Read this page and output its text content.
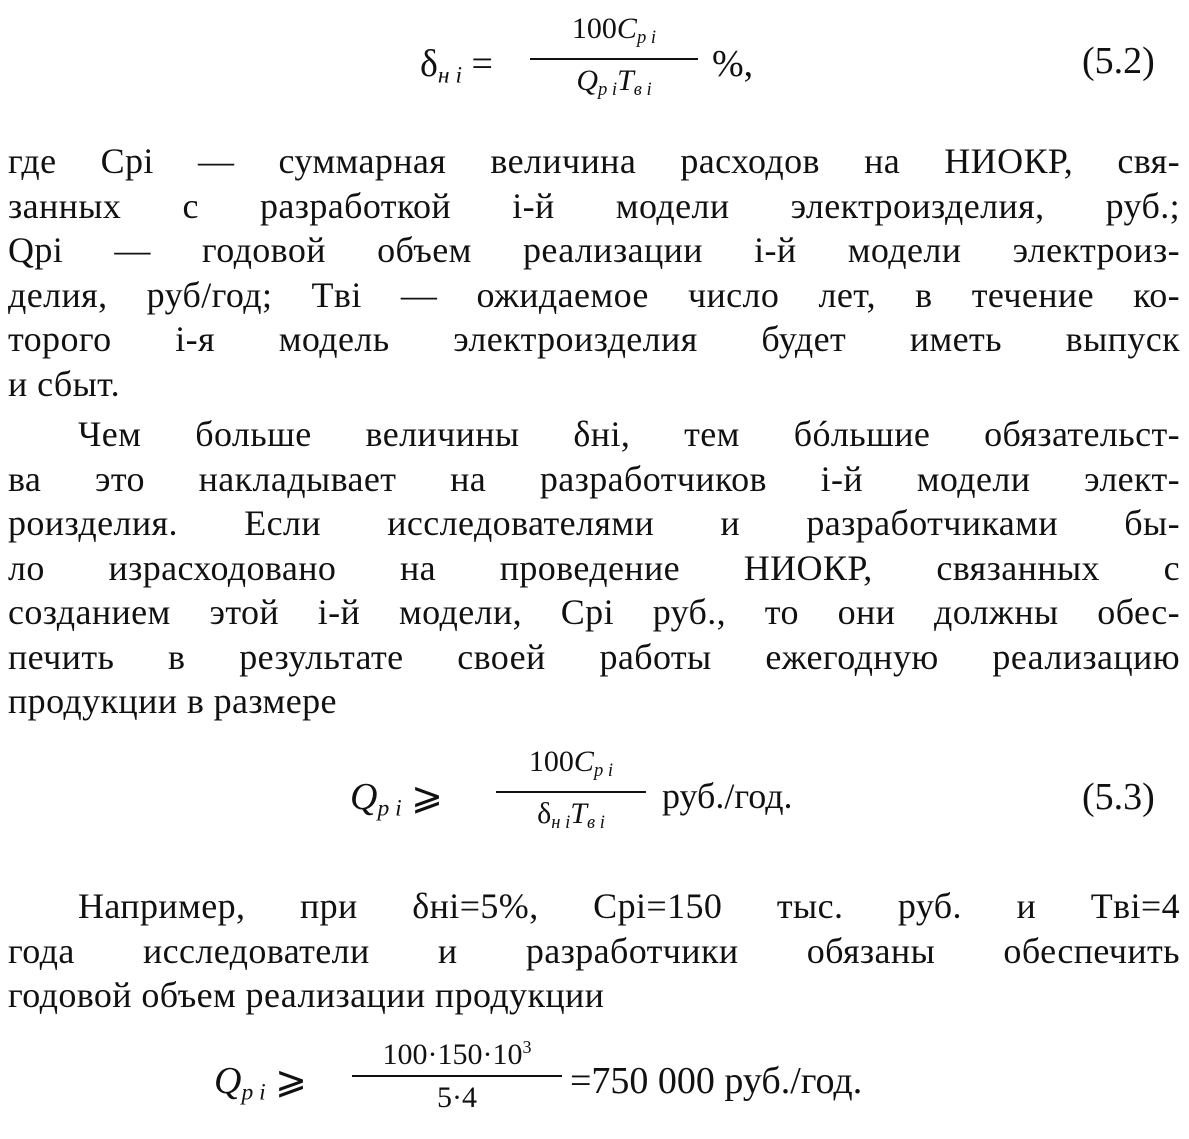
$\delta_{н i}$ =
$100C_{р i}$
$Q_{р i}T_{в i}$
%,	(5.2)
где Cрi — суммарная величина расходов на НИОКР, свя-
занных с разработкой i-й модели электроизделия, руб.;
Qрi — годовой объем реализации i-й модели электроиз-
делия, руб/год; Tвi — ожидаемое число лет, в течение ко-
торого i-я модель электроизделия будет иметь выпуск
и сбыт.
Чем больше величины δнi, тем бóльшие обязательст-
ва это накладывает на разработчиков i-й модели элект-
роизделия. Если исследователями и разработчиками бы-
ло израсходовано на проведение НИОКР, связанных с
созданием этой i-й модели, Cрi руб., то они должны обес-
печить в результате своей работы ежегодную реализацию
продукции в размере
$Q_{р i}$ ⩾
$100C_{р i}$
$\delta_{н i}T_{в i}$
руб./год.	(5.3)
Например, при δнi=5%, Cрi=150 тыс. руб. и Tвi=4
года исследователи и разработчики обязаны обеспечить
годовой объем реализации продукции
$Q_{р i}$ ⩾
$100\cdot 150\cdot 10^3$
5·4	=750 000 руб./год.
